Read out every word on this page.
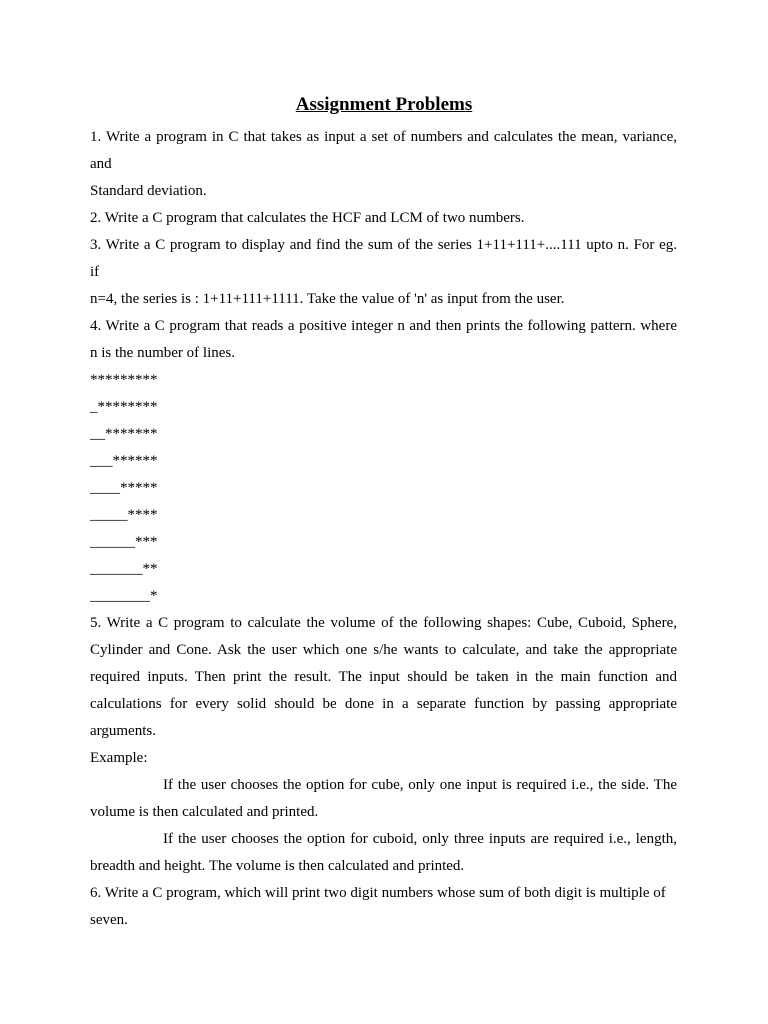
Assignment Problems
1. Write a program in C that takes as input a set of numbers and calculates the mean, variance,
and
Standard deviation.
2. Write a C program that calculates the HCF and LCM of two numbers.
3. Write a C program to display and find the sum of the series 1+11+111+....111 upto n. For eg.
if
n=4, the series is : 1+11+111+1111. Take the value of 'n' as input from the user.
4. Write a C program that reads a positive integer n and then prints the following pattern. where
n is the number of lines.
*********
_********
__*******
___******
____*****
_____****
______***
_______**
________*
5. Write a C program to calculate the volume of the following shapes: Cube, Cuboid, Sphere,
Cylinder and Cone. Ask the user which one s/he wants to calculate, and take the appropriate
required inputs. Then print the result. The input should be taken in the main function and
calculations for every solid should be done in a separate function by passing appropriate
arguments.
Example:
If the user chooses the option for cube, only one input is required i.e., the side. The
volume is then calculated and printed.
If the user chooses the option for cuboid, only three inputs are required i.e., length,
breadth and height. The volume is then calculated and printed.
6. Write a C program, which will print two digit numbers whose sum of both digit is multiple of
seven.
